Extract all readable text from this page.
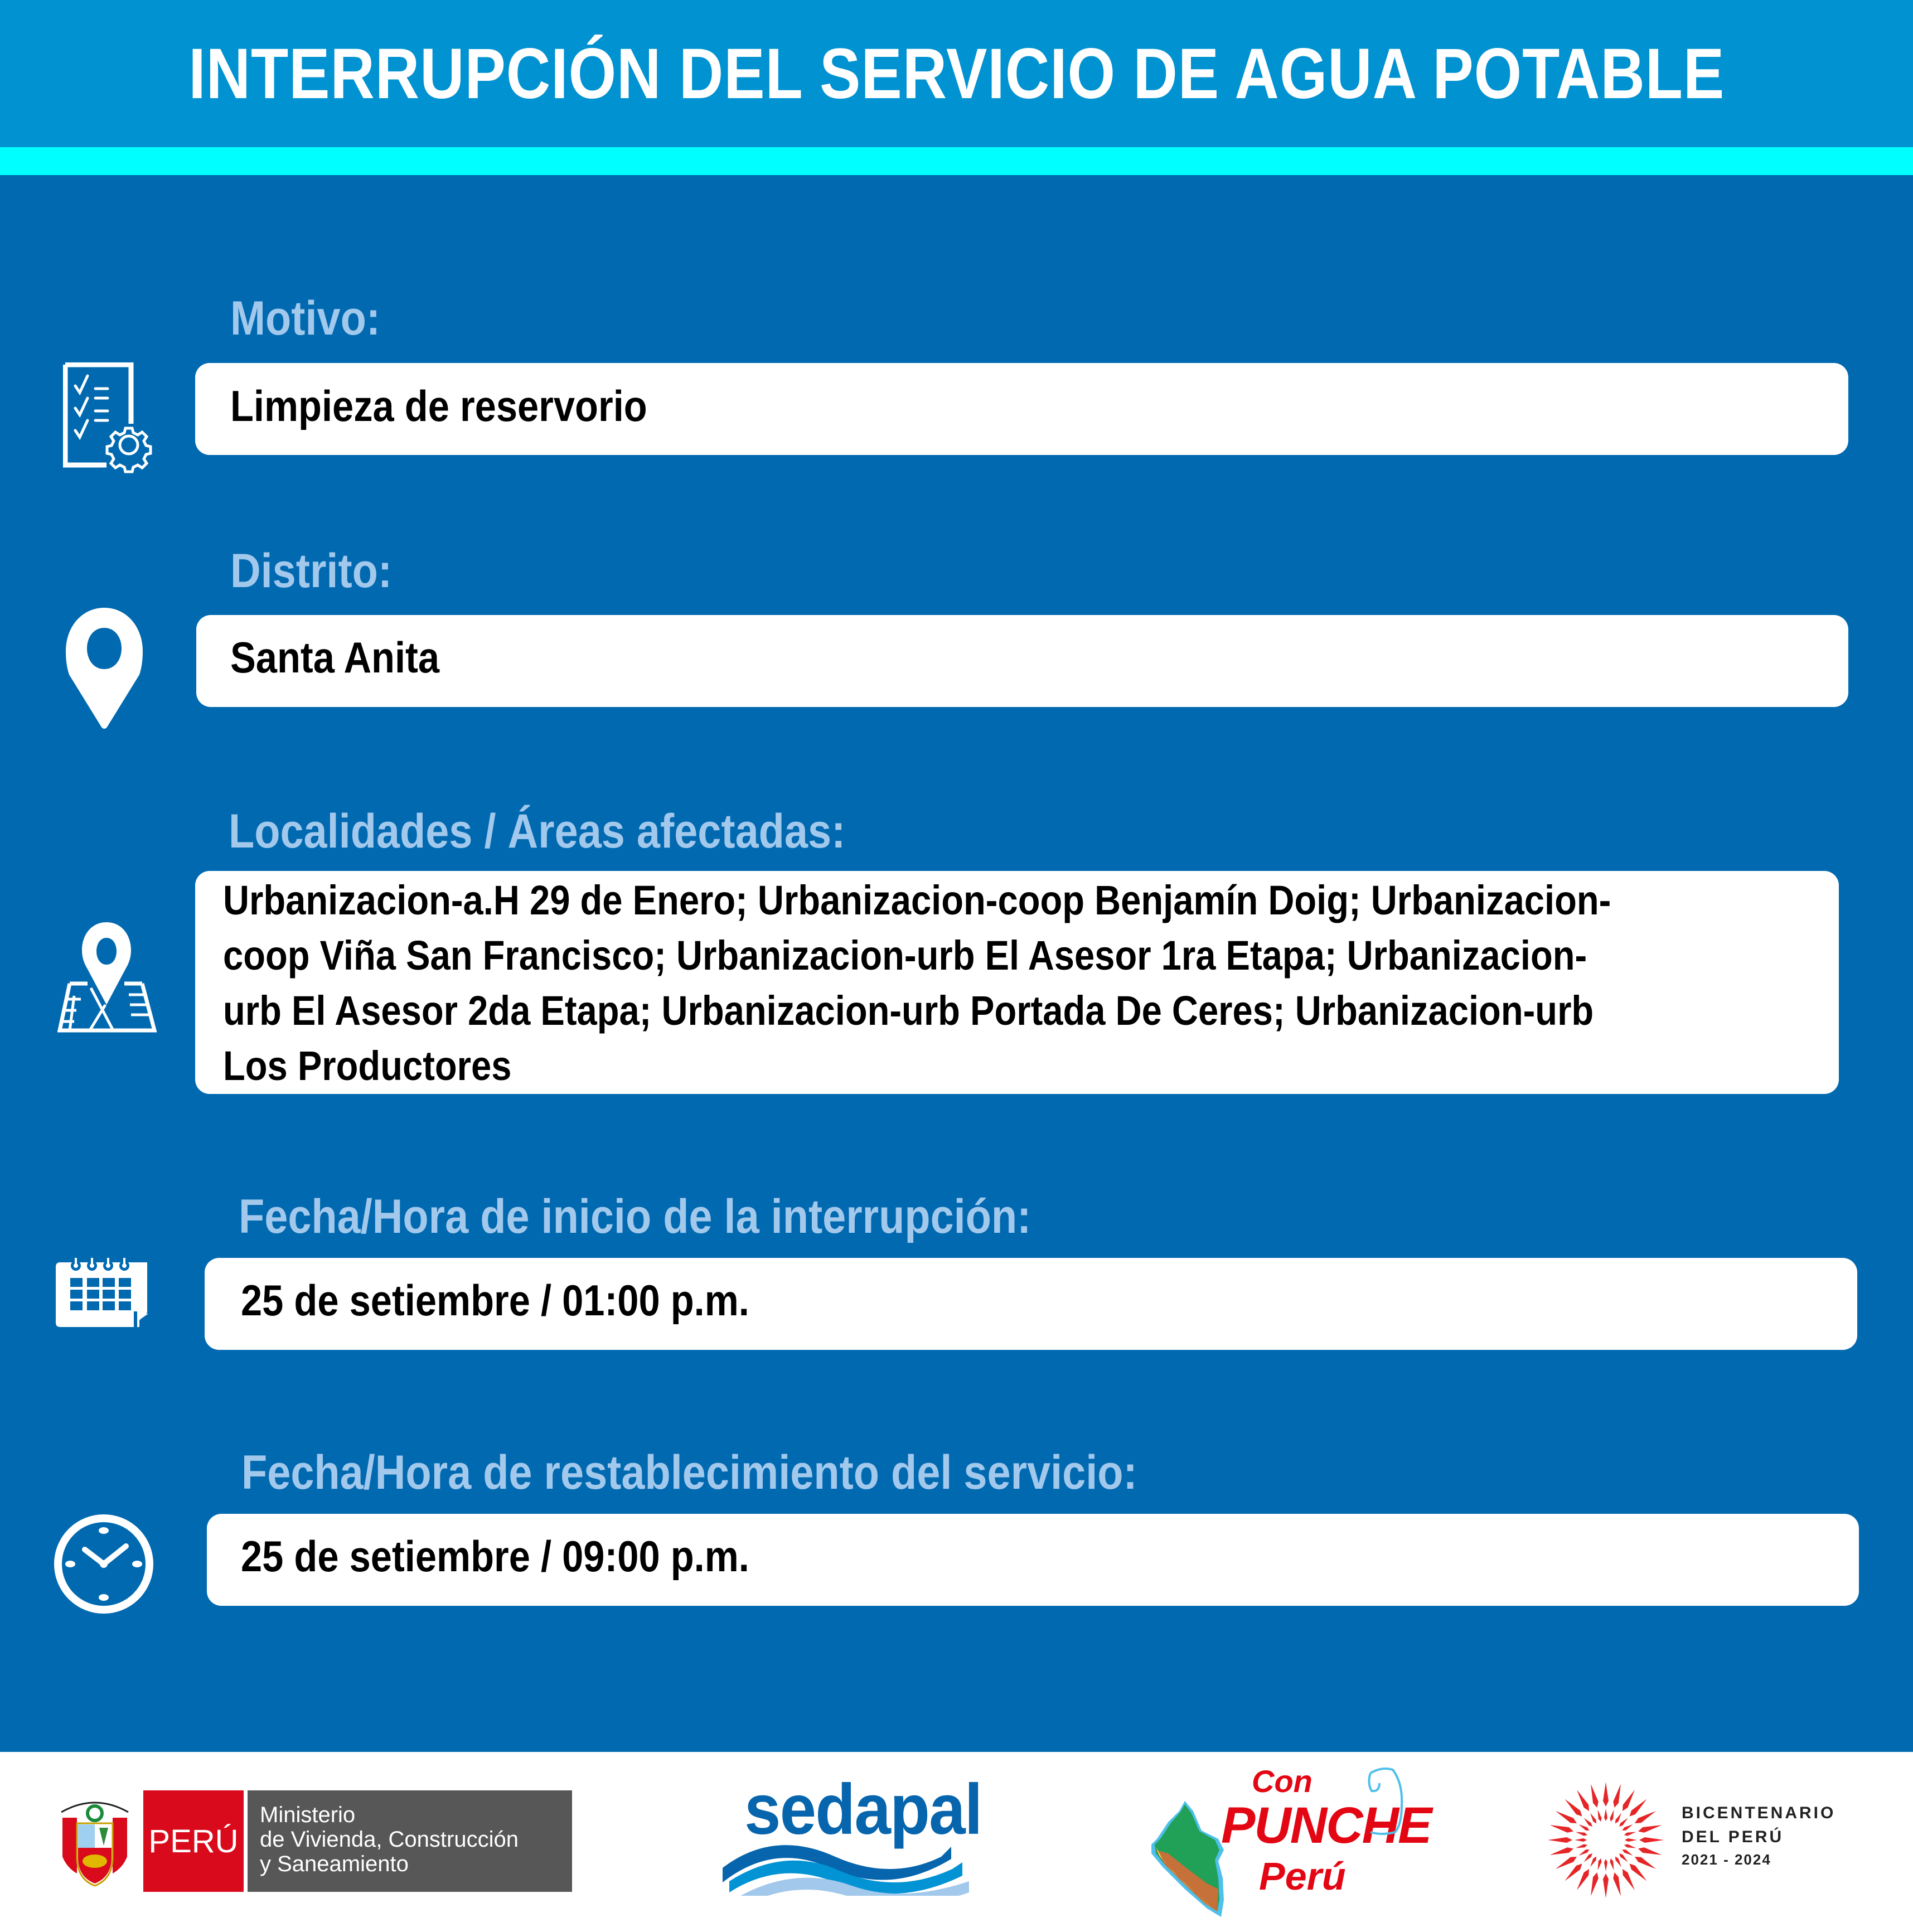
INTERRUPCIÓN DEL SERVICIO DE AGUA POTABLE
Motivo:
Limpieza de reservorio
Distrito:
Santa Anita
Localidades / Áreas afectadas:
Urbanizacion-a.H 29 de Enero; Urbanizacion-coop Benjamín Doig; Urbanizacion-
coop Viña San Francisco; Urbanizacion-urb El Asesor 1ra Etapa; Urbanizacion-
urb El Asesor 2da Etapa; Urbanizacion-urb Portada De Ceres; Urbanizacion-urb
Los Productores
Fecha/Hora de inicio de la interrupción:
25 de setiembre / 01:00 p.m.
Fecha/Hora de restablecimiento del servicio:
25 de setiembre / 09:00 p.m.
PERÚ
Ministerio
de Vivienda, Construcción
y Saneamiento
sedapal	Con
PUNCHE
Perú
BICENTENARIO
DEL PERÚ
2021 - 2024
